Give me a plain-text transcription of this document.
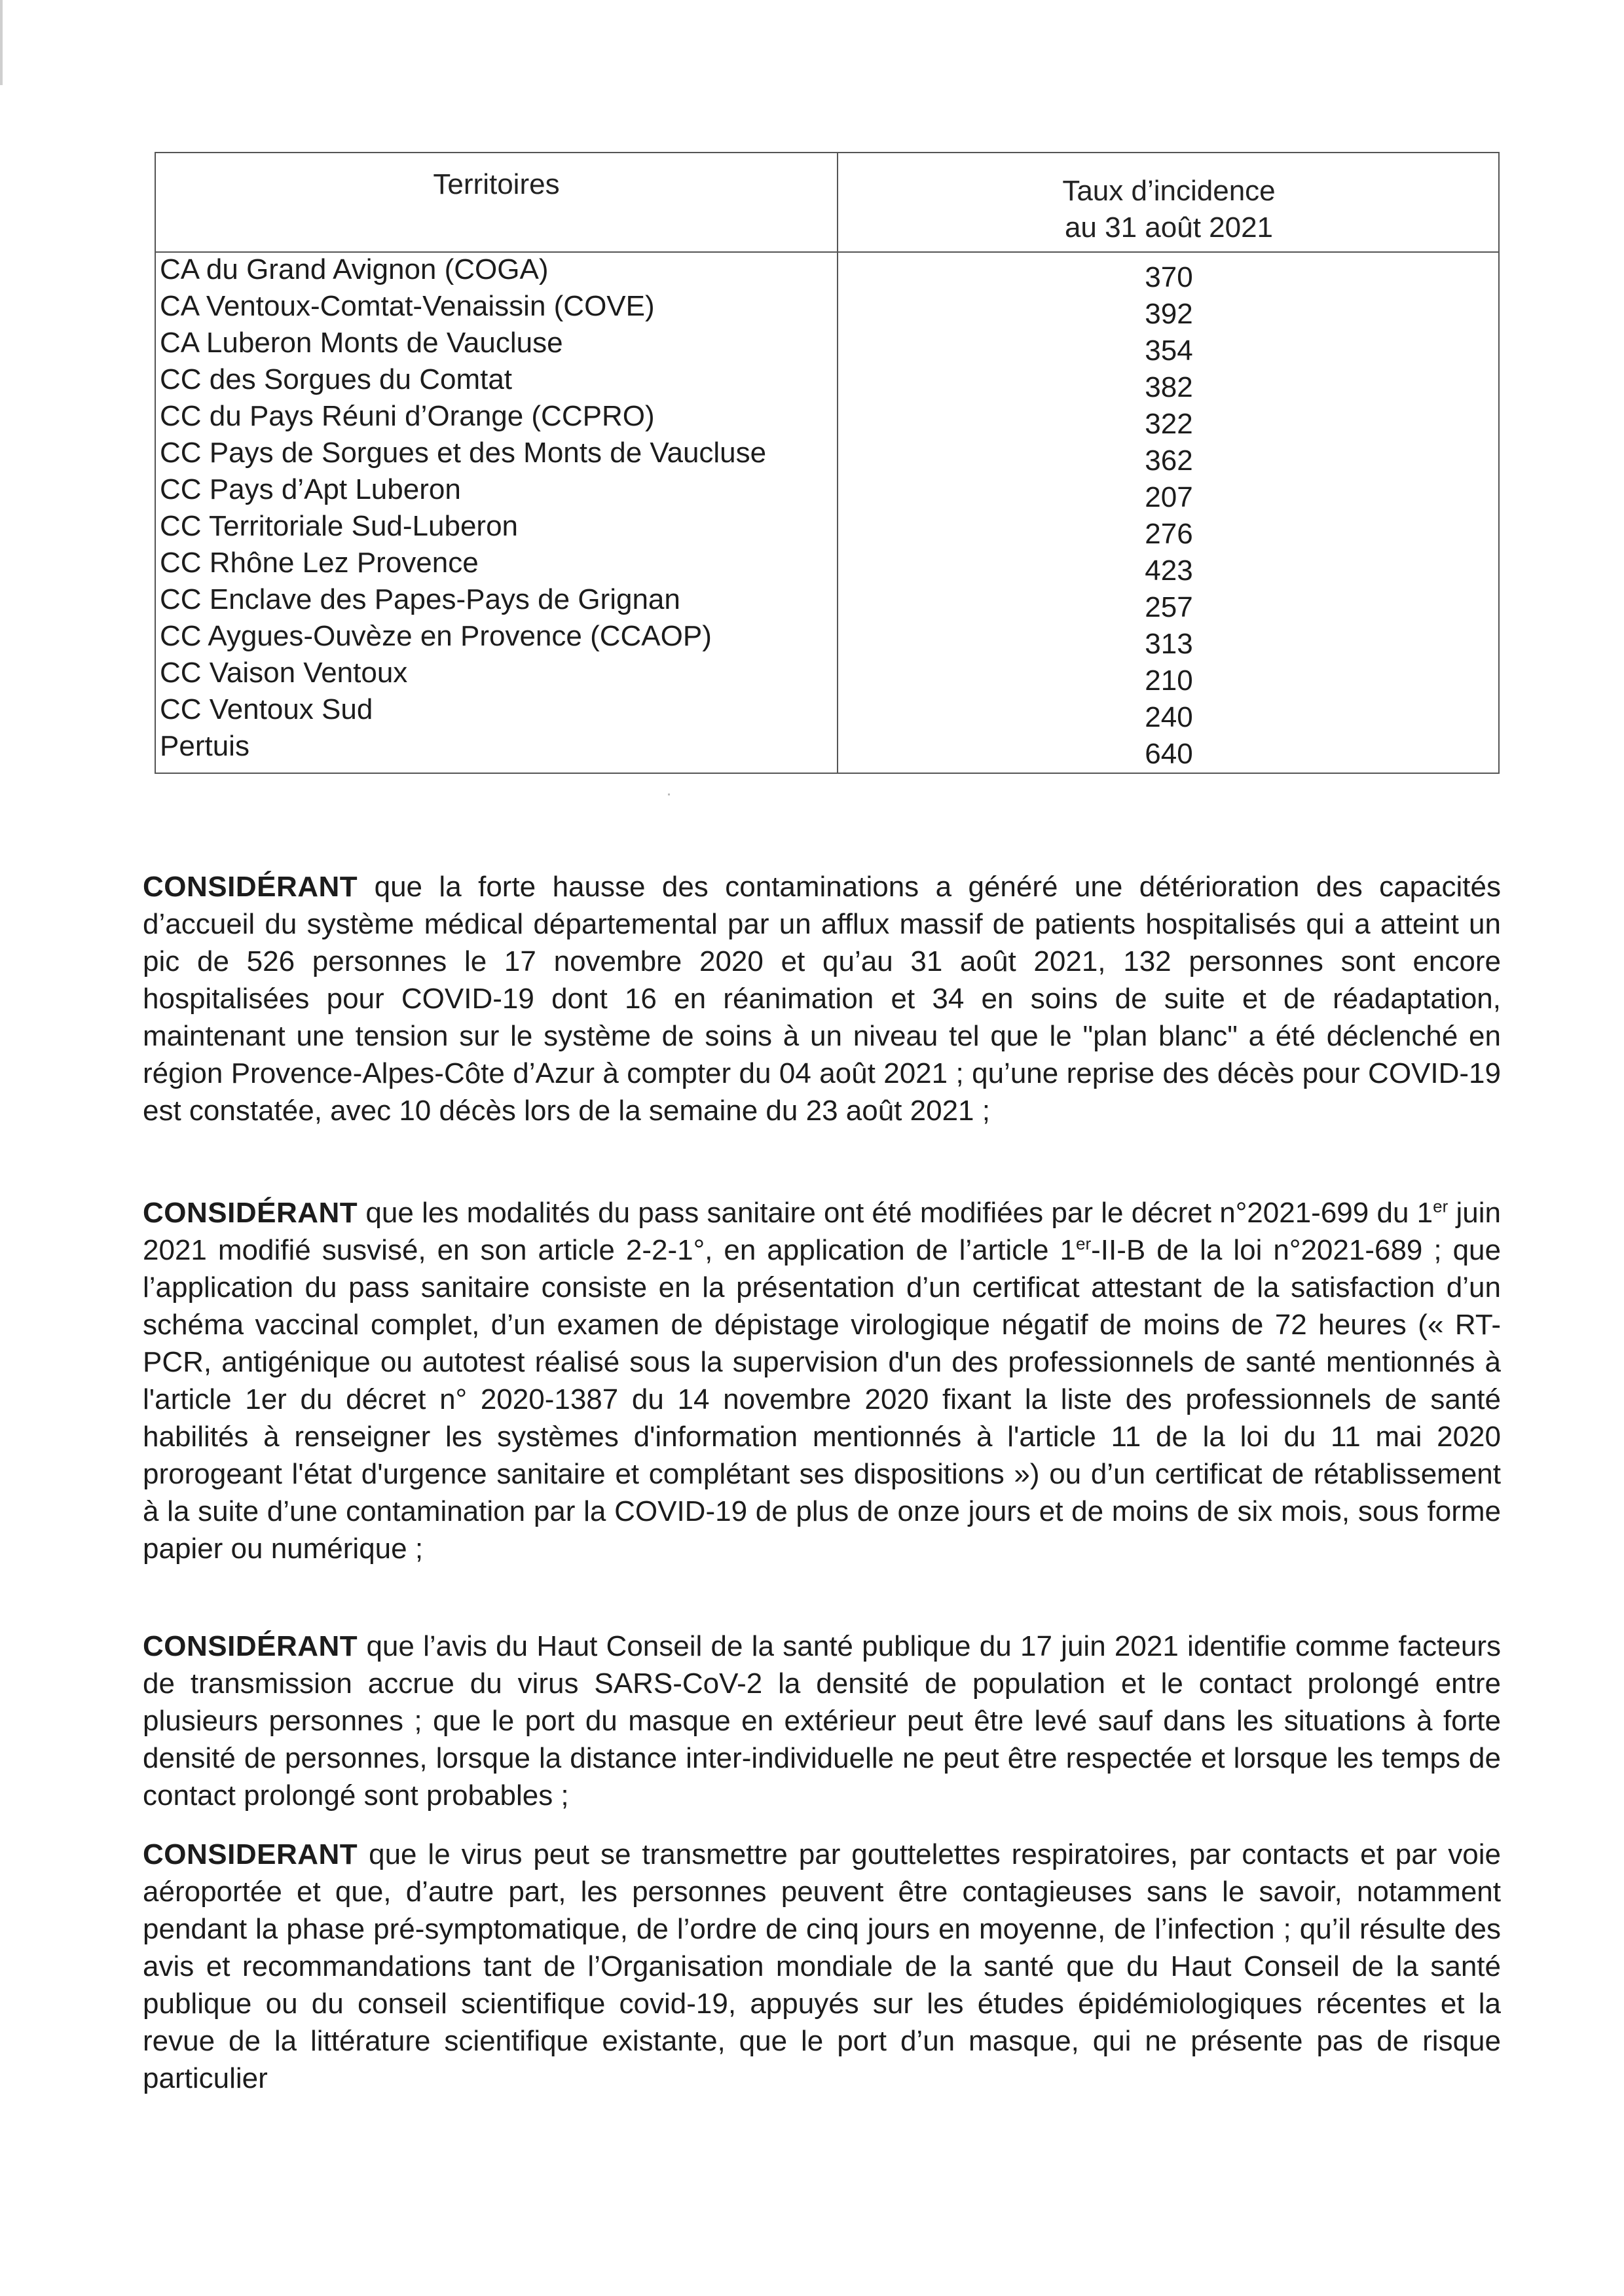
Territoires	Taux d’incidence
au 31 août 2021
CA du Grand Avignon (COGA)	370
CA Ventoux-Comtat-Venaissin (COVE)	392
CA Luberon Monts de Vaucluse	354
CC des Sorgues du Comtat	382
CC du Pays Réuni d’Orange (CCPRO)	322
CC Pays de Sorgues et des Monts de Vaucluse	362
CC Pays d’Apt Luberon	207
CC Territoriale Sud-Luberon	276
CC Rhône Lez Provence	423
CC Enclave des Papes-Pays de Grignan	257
CC Aygues-Ouvèze en Provence (CCAOP)	313
CC Vaison Ventoux	210
CC Ventoux Sud	240
Pertuis	640

CONSIDÉRANT que la forte hausse des contaminations a généré une détérioration des capacités d’accueil du système médical départemental par un afflux massif de patients hospitalisés qui a atteint un pic de 526 personnes le 17 novembre 2020 et qu’au 31 août 2021, 132 personnes sont encore hospitalisées pour COVID-19 dont 16 en réanimation et 34 en soins de suite et de réadaptation, maintenant une tension sur le système de soins à un niveau tel que le "plan blanc" a été déclenché en région Provence-Alpes-Côte d’Azur à compter du 04 août 2021 ; qu’une reprise des décès pour COVID-19 est constatée, avec 10 décès lors de la semaine du 23 août 2021 ;

CONSIDÉRANT que les modalités du pass sanitaire ont été modifiées par le décret n°2021-699 du 1er juin 2021 modifié susvisé, en son article 2-2-1°, en application de l’article 1er-II-B de la loi n°2021-689 ; que l’application du pass sanitaire consiste en la présentation d’un certificat attestant de la satisfaction d’un schéma vaccinal complet, d’un examen de dépistage virologique négatif de moins de 72 heures (« RT-PCR, antigénique ou autotest réalisé sous la supervision d'un des professionnels de santé mentionnés à l'article 1er du décret n° 2020-1387 du 14 novembre 2020 fixant la liste des professionnels de santé habilités à renseigner les systèmes d'information mentionnés à l'article 11 de la loi du 11 mai 2020 prorogeant l'état d'urgence sanitaire et complétant ses dispositions ») ou d’un certificat de rétablissement à la suite d’une contamination par la COVID-19 de plus de onze jours et de moins de six mois, sous forme papier ou numérique ;

CONSIDÉRANT que l’avis du Haut Conseil de la santé publique du 17 juin 2021 identifie comme facteurs de transmission accrue du virus SARS-CoV-2 la densité de population et le contact prolongé entre plusieurs personnes ; que le port du masque en extérieur peut être levé sauf dans les situations à forte densité de personnes, lorsque la distance inter-individuelle ne peut être respectée et lorsque les temps de contact prolongé sont probables ;

CONSIDERANT que le virus peut se transmettre par gouttelettes respiratoires, par contacts et par voie aéroportée et que, d’autre part, les personnes peuvent être contagieuses sans le savoir, notamment pendant la phase pré-symptomatique, de l’ordre de cinq jours en moyenne, de l’infection ; qu’il résulte des avis et recommandations tant de l’Organisation mondiale de la santé que du Haut Conseil de la santé publique ou du conseil scientifique covid-19, appuyés sur les études épidémiologiques récentes et la revue de la littérature scientifique existante, que le port d’un masque, qui ne présente pas de risque particulier
